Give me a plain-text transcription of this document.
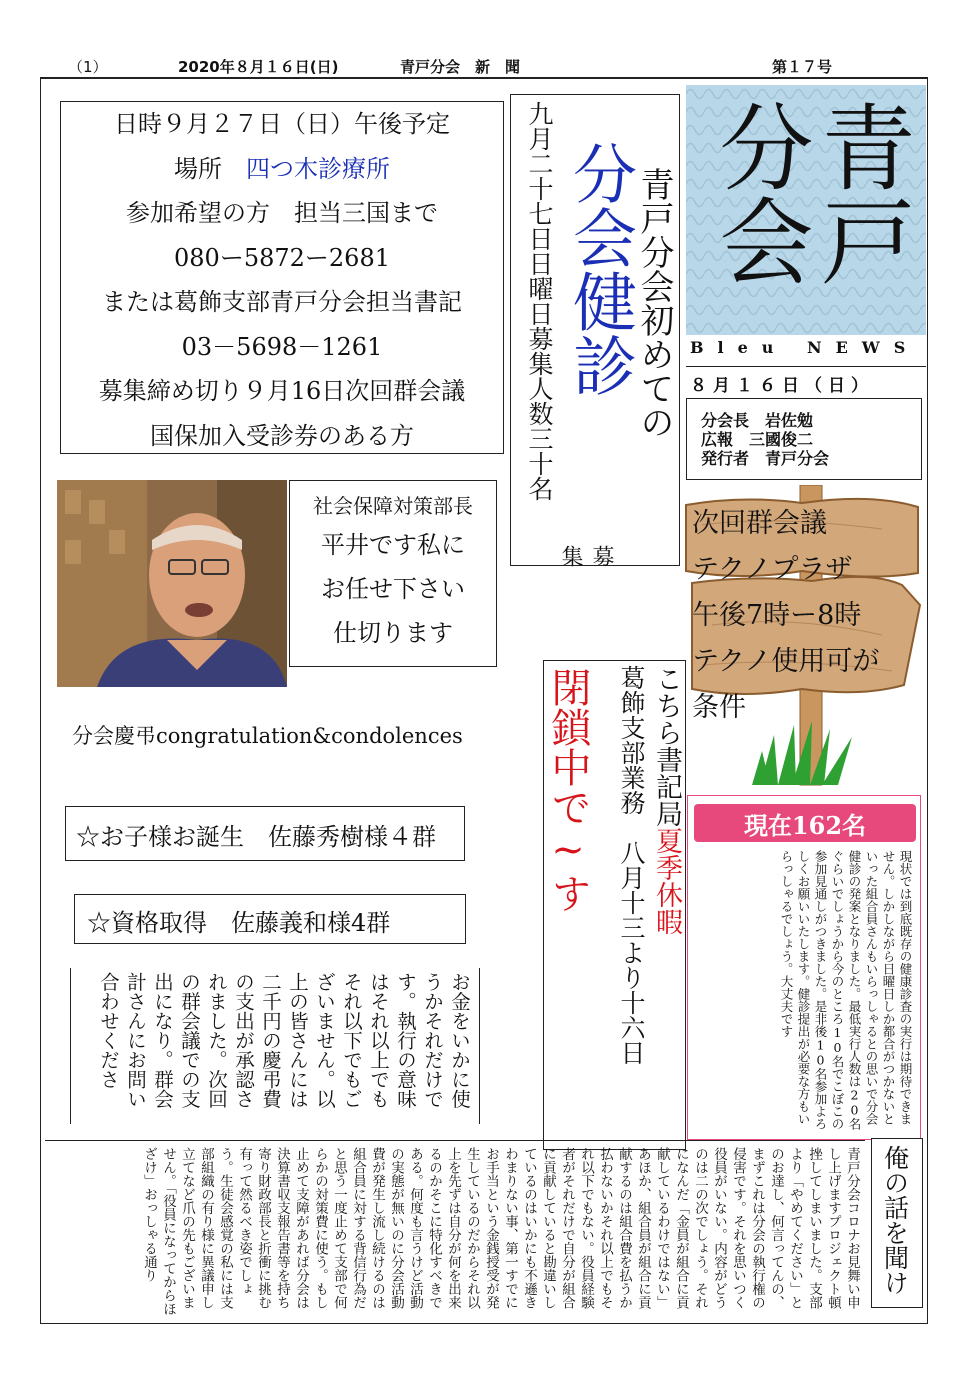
（1）	2020年８月１６日(日)	青戸分会　新　聞	第１７号

日時９月２７日（日）午後予定

場所　四つ木診療所

参加希望の方　担当三国まで

080ー5872ー2681

または葛飾支部青戸分会担当書記

03－5698－1261

募集締め切り９月16日次回群会議

国保加入受診券のある方	青戸分会初めての
分会健診
募集
九月二十七日日曜日募集人数三十名	青戸
分会
Bleu NEWS
８月１６日（日）
分会長　 岩佐勉
広報　 三國俊二
発行者　 青戸分会
社会保障対策部長
平井です私に
お任せ下さい
仕切ります
次回群会議
テクノプラザ
午後7時ー8時
テクノ使用可が
条件
分会慶弔congratulation&condolences
☆お子様お誕生　佐藤秀樹様４群
☆資格取得　佐藤義和様4群
閉鎖中で~す こちら書記局夏季休暇
葛飾支部業務　八月十三より十六日	現在162名
現状では到底既存の健康診査の実行は期待できません。しかしながら日曜日しか都合がつかないといった組合員さんもいらっしゃるとの思いで分会健診の発案となりました。最低実行人数は20名ぐらいでしょうから今のところ10名でこぼこの参加見通しがつきました。是非後10名参加よろしくお願いいたします。健診提出が必要な方もいらっしゃるでしょう。大丈夫です
お金をいかに使うかそれだけです。執行の意味はそれ以上でもそれ以下でもございません。以上の皆さんには二千円の慶弔費の支出が承認されました。次回の群会議での支出になり。群会計さんにお問い合わせくださ
青戸分会コロナお見舞い申し上げますプロジェクト頓挫してしまいました。支部より「やめてください」とのお達し、何言ってんの、まずこれは分会の執行権の侵害です。それを思いつく役員がいない。内容がどうのは二の次でしょう。それになんだ「金員が組合に貢献しているわけではない」あほか、組合員が組合に貢献するのは組合費を払うか払わないかそれ以上でもそれ以下でもない。役員経験者がそれだけで自分が組合に貢献していると勘違いしているのはいかにも不遜きわまりない事、第一すでにお手当という金銭授受が発生しているのだからそれ以上を先ずは自分が何を出来るのかそこに特化すべきである。何度も言うけど活動の実態が無いのに分会活動費が発生し流し続けるのは組合員に対する背信行為だと思う一度止めて支部で何らかの対策費に使う。もし止めて支障があれば分会は決算書収支報告書等を持ち寄り財政部長と折衝に挑む有って然るべき姿でしょう。生徒会感覚の私には支部組織の有り様に異議申し立てなど爪の先もございません。「役員になってからほざけ」おっしゃる通り	俺の話を聞け
